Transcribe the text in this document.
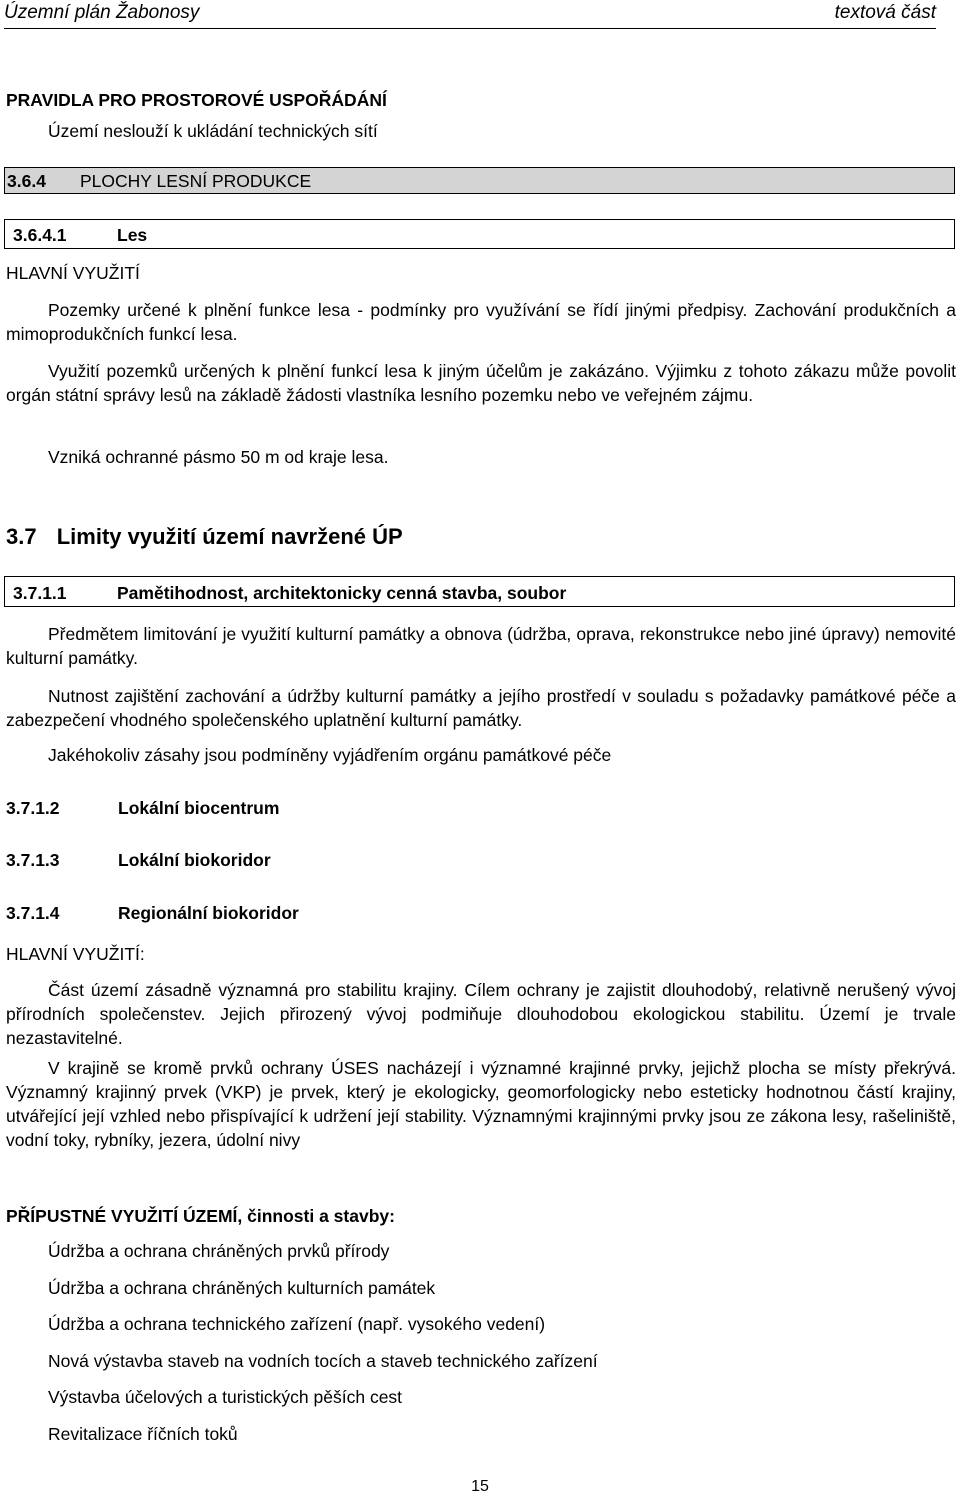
Územní plán Žabonosy	textová část
PRAVIDLA PRO PROSTOROVÉ USPOŘÁDÁNÍ
Území neslouží k ukládání technických sítí
3.6.4 PLOCHY LESNÍ PRODUKCE
3.6.4.1	Les
HLAVNÍ VYUŽITÍ
Pozemky určené k plnění funkce lesa - podmínky pro využívání se řídí jinými předpisy. Zachování produkčních a mimoprodukčních funkcí lesa.
Využití pozemků určených k plnění funkcí lesa k jiným účelům je zakázáno. Výjimku z tohoto zákazu může povolit orgán státní správy lesů na základě žádosti vlastníka lesního pozemku nebo ve veřejném zájmu.
Vzniká ochranné pásmo 50 m od kraje lesa.
3.7 Limity využití území navržené ÚP
3.7.1.1	Pamětihodnost, architektonicky cenná stavba, soubor
Předmětem limitování je využití kulturní památky a obnova (údržba, oprava, rekonstrukce nebo jiné úpravy) nemovité kulturní památky.
Nutnost zajištění zachování a údržby kulturní památky a jejího prostředí v souladu s požadavky památkové péče a zabezpečení vhodného společenského uplatnění kulturní památky.
Jakéhokoliv zásahy jsou podmíněny vyjádřením orgánu památkové péče
3.7.1.2	Lokální biocentrum
3.7.1.3	Lokální biokoridor
3.7.1.4	Regionální biokoridor
HLAVNÍ VYUŽITÍ:
Část území zásadně významná pro stabilitu krajiny. Cílem ochrany je zajistit dlouhodobý, relativně nerušený vývoj přírodních společenstev. Jejich přirozený vývoj podmiňuje dlouhodobou ekologickou stabilitu. Území je trvale nezastavitelné.
V krajině se kromě prvků ochrany ÚSES nacházejí i významné krajinné prvky, jejichž plocha se místy překrývá. Významný krajinný prvek (VKP) je prvek, který je ekologicky, geomorfologicky nebo esteticky hodnotnou částí krajiny, utvářející její vzhled nebo přispívající k udržení její stability. Významnými krajinnými prvky jsou ze zákona lesy, rašeliniště, vodní toky, rybníky, jezera, údolní nivy
PŘÍPUSTNÉ VYUŽITÍ ÚZEMÍ, činnosti a stavby:
Údržba a ochrana chráněných prvků přírody
Údržba a ochrana chráněných kulturních památek
Údržba a ochrana technického zařízení (např. vysokého vedení)
Nová výstavba staveb na vodních tocích a staveb technického zařízení
Výstavba účelových a turistických pěších cest
Revitalizace říčních toků
15
